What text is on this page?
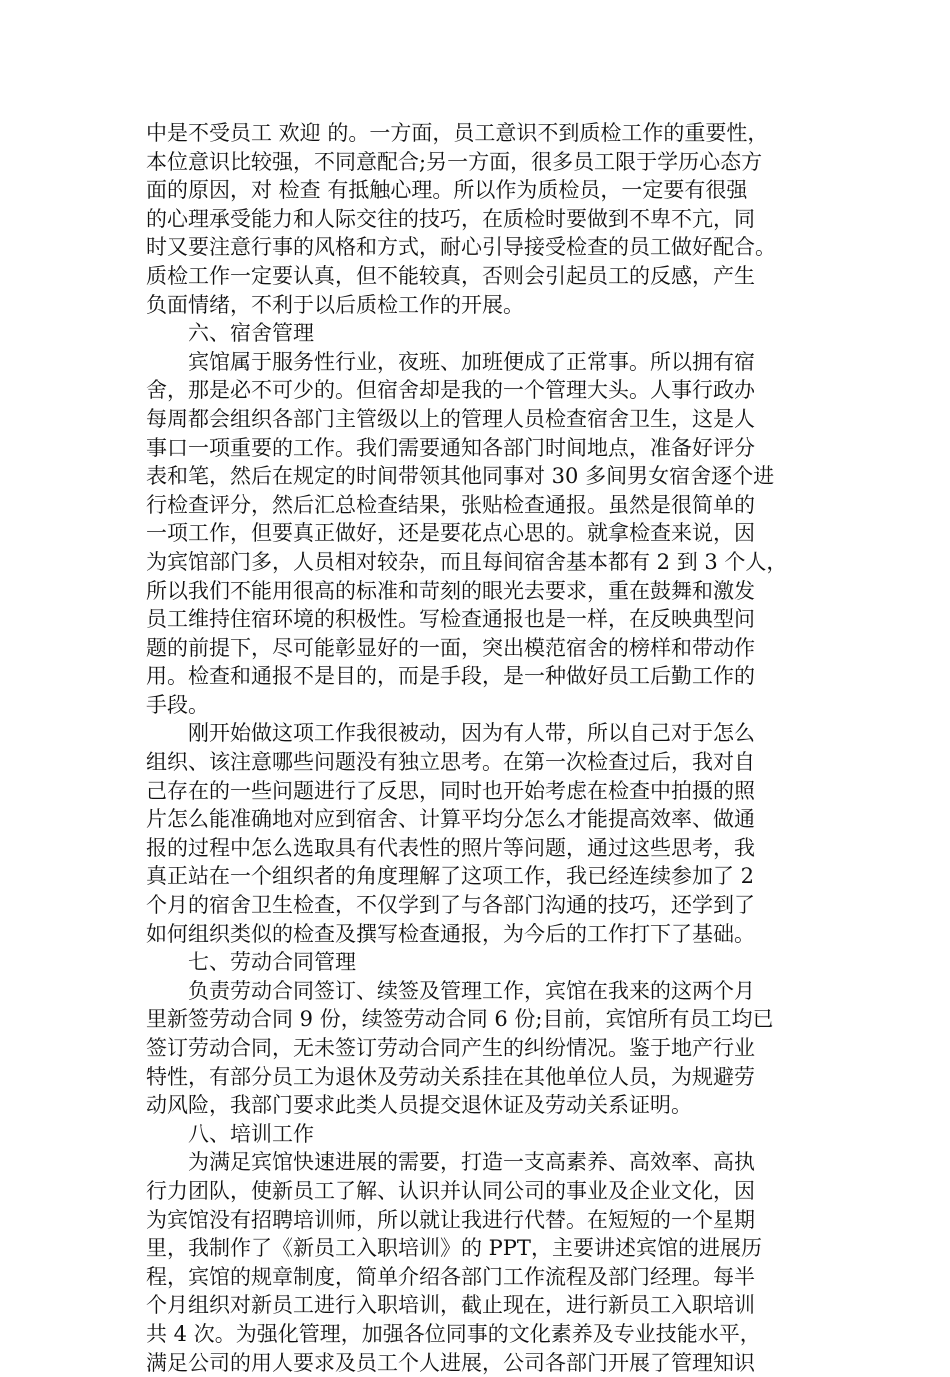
中是不受员工 欢迎 的。一方面，员工意识不到质检工作的重要性，
本位意识比较强，不同意配合;另一方面，很多员工限于学历心态方
面的原因，对 检查 有抵触心理。所以作为质检员，一定要有很强
的心理承受能力和人际交往的技巧，在质检时要做到不卑不亢，同
时又要注意行事的风格和方式，耐心引导接受检查的员工做好配合。
质检工作一定要认真，但不能较真，否则会引起员工的反感，产生
负面情绪，不利于以后质检工作的开展。
六、宿舍管理
宾馆属于服务性行业，夜班、加班便成了正常事。所以拥有宿
舍，那是必不可少的。但宿舍却是我的一个管理大头。人事行政办
每周都会组织各部门主管级以上的管理人员检查宿舍卫生，这是人
事口一项重要的工作。我们需要通知各部门时间地点，准备好评分
表和笔，然后在规定的时间带领其他同事对 30 多间男女宿舍逐个进
行检查评分，然后汇总检查结果，张贴检查通报。虽然是很简单的
一项工作，但要真正做好，还是要花点心思的。就拿检查来说，因
为宾馆部门多，人员相对较杂，而且每间宿舍基本都有 2 到 3 个人，
所以我们不能用很高的标准和苛刻的眼光去要求，重在鼓舞和激发
员工维持住宿环境的积极性。写检查通报也是一样，在反映典型问
题的前提下，尽可能彰显好的一面，突出模范宿舍的榜样和带动作
用。检查和通报不是目的，而是手段，是一种做好员工后勤工作的
手段。
刚开始做这项工作我很被动，因为有人带，所以自己对于怎么
组织、该注意哪些问题没有独立思考。在第一次检查过后，我对自
己存在的一些问题进行了反思，同时也开始考虑在检查中拍摄的照
片怎么能准确地对应到宿舍、计算平均分怎么才能提高效率、做通
报的过程中怎么选取具有代表性的照片等问题，通过这些思考，我
真正站在一个组织者的角度理解了这项工作，我已经连续参加了 2
个月的宿舍卫生检查，不仅学到了与各部门沟通的技巧，还学到了
如何组织类似的检查及撰写检查通报，为今后的工作打下了基础。
七、劳动合同管理
负责劳动合同签订、续签及管理工作，宾馆在我来的这两个月
里新签劳动合同 9 份，续签劳动合同 6 份;目前，宾馆所有员工均已
签订劳动合同，无未签订劳动合同产生的纠纷情况。鉴于地产行业
特性，有部分员工为退休及劳动关系挂在其他单位人员，为规避劳
动风险，我部门要求此类人员提交退休证及劳动关系证明。
八、培训工作
为满足宾馆快速进展的需要，打造一支高素养、高效率、高执
行力团队，使新员工了解、认识并认同公司的事业及企业文化，因
为宾馆没有招聘培训师，所以就让我进行代替。在短短的一个星期
里，我制作了《新员工入职培训》的 PPT，主要讲述宾馆的进展历
程，宾馆的规章制度，简单介绍各部门工作流程及部门经理。每半
个月组织对新员工进行入职培训，截止现在，进行新员工入职培训
共 4 次。为强化管理，加强各位同事的文化素养及专业技能水平，
满足公司的用人要求及员工个人进展，公司各部门开展了管理知识
